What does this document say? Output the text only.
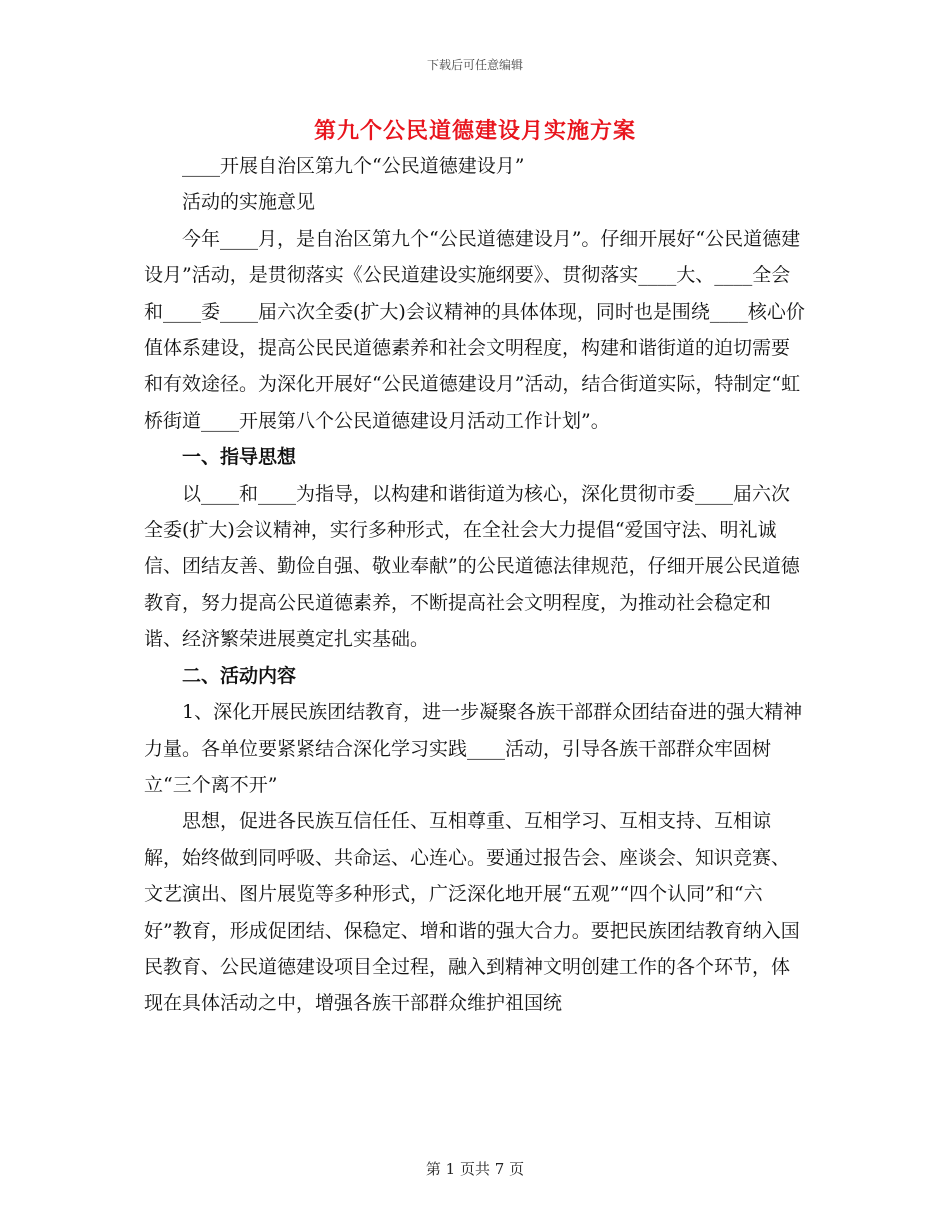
下载后可任意编辑
第九个公民道德建设月实施方案

____开展自治区第九个“公民道德建设月”

活动的实施意见

今年____月，是自治区第九个“公民道德建设月”。仔细开展好“公民道德建设月”活动，是贯彻落实《公民道建设实施纲要》、贯彻落实____大、____全会和____委____届六次全委(扩大)会议精神的具体体现，同时也是围绕____核心价值体系建设，提高公民民道德素养和社会文明程度，构建和谐街道的迫切需要和有效途径。为深化开展好“公民道德建设月”活动，结合街道实际，特制定“虹桥街道____开展第八个公民道德建设月活动工作计划”。

一、指导思想

以____和____为指导，以构建和谐街道为核心，深化贯彻市委____届六次全委(扩大)会议精神，实行多种形式，在全社会大力提倡“爱国守法、明礼诚信、团结友善、勤俭自强、敬业奉献”的公民道德法律规范，仔细开展公民道德教育，努力提高公民道德素养，不断提高社会文明程度，为推动社会稳定和谐、经济繁荣进展奠定扎实基础。

二、活动内容

1、深化开展民族团结教育，进一步凝聚各族干部群众团结奋进的强大精神力量。各单位要紧紧结合深化学习实践____活动，引导各族干部群众牢固树立“三个离不开”

思想，促进各民族互信任任、互相尊重、互相学习、互相支持、互相谅解，始终做到同呼吸、共命运、心连心。要通过报告会、座谈会、知识竞赛、文艺演出、图片展览等多种形式，广泛深化地开展“五观”“四个认同”和“六好”教育，形成促团结、保稳定、增和谐的强大合力。要把民族团结教育纳入国民教育、公民道德建设项目全过程，融入到精神文明创建工作的各个环节，体现在具体活动之中，增强各族干部群众维护祖国统

第 1 页共 7 页
